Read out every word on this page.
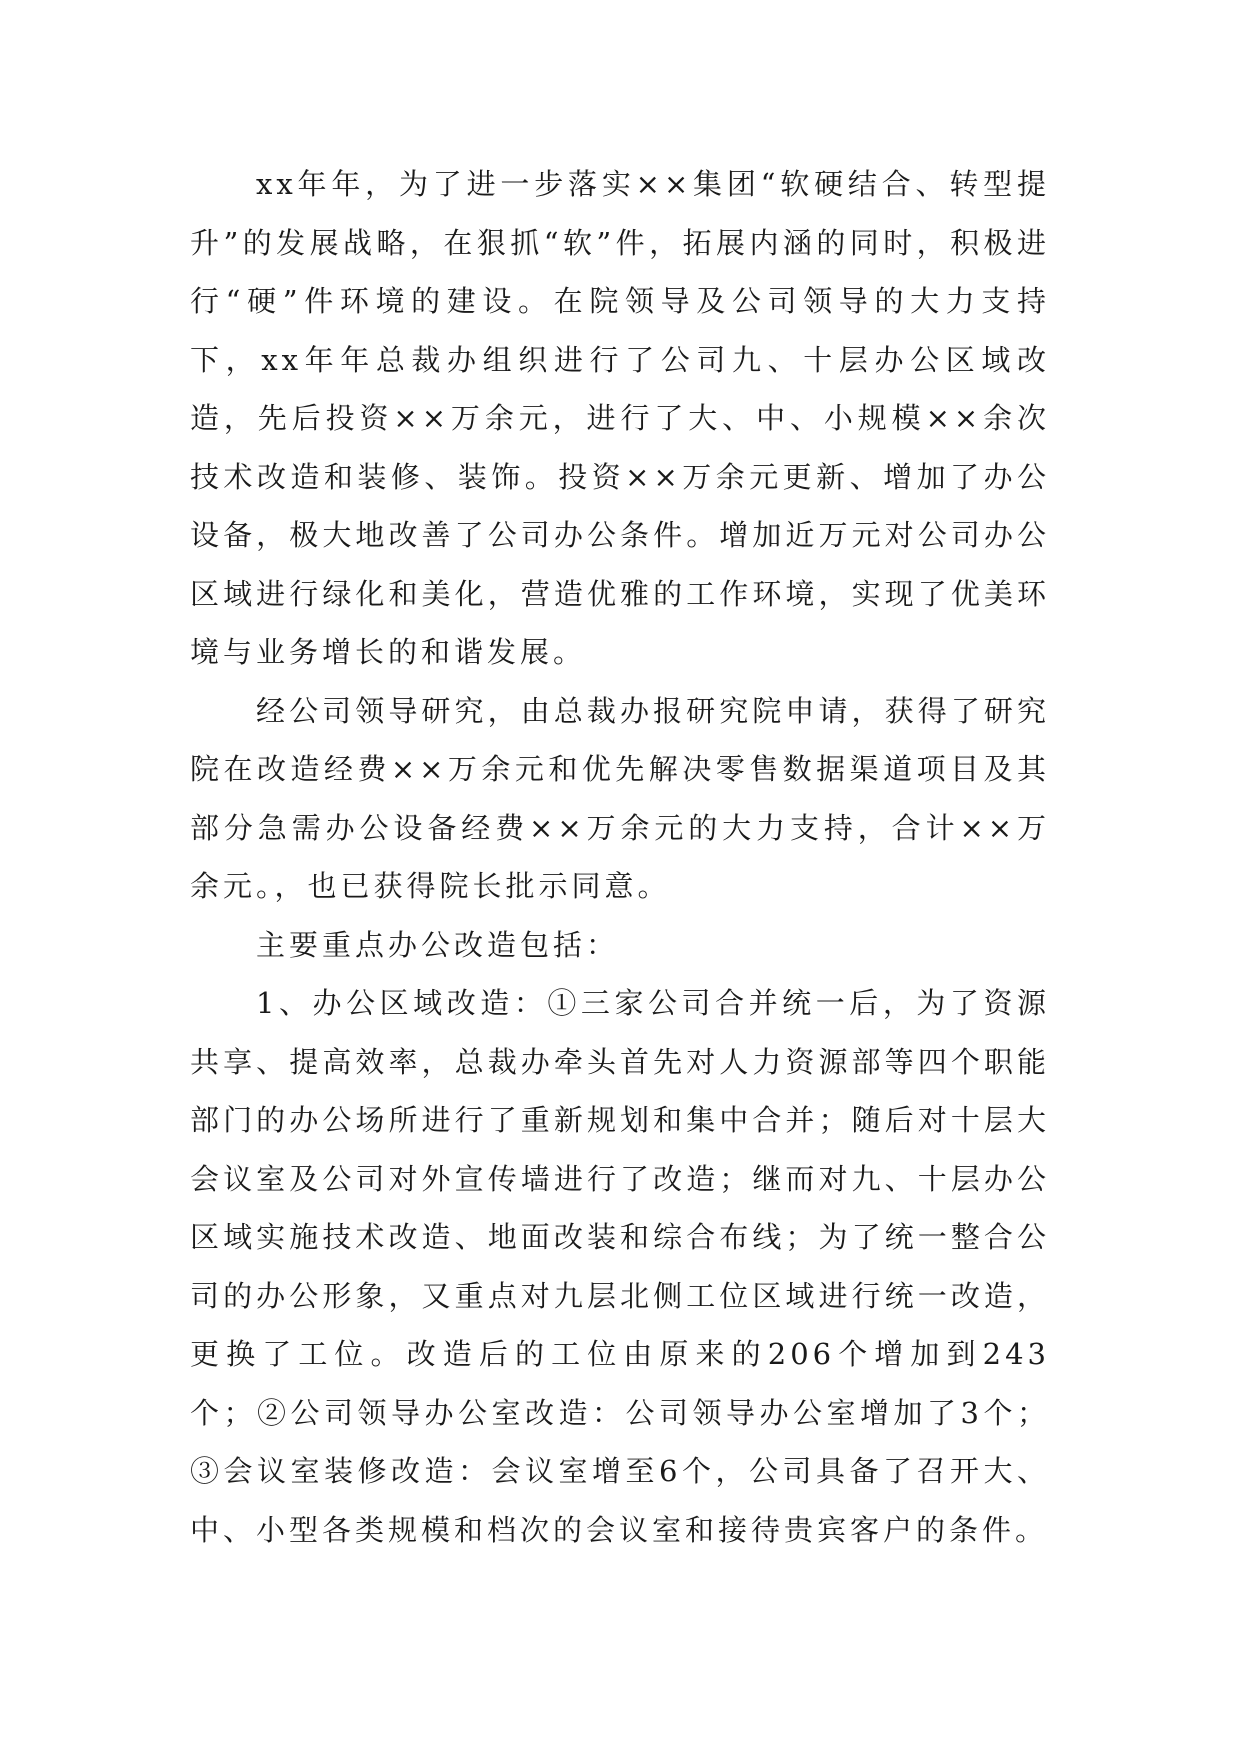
xx年年，为了进一步落实××集团“软硬结合、转型提升”的发展战略，在狠抓“软”件，拓展内涵的同时，积极进行“硬”件环境的建设。在院领导及公司领导的大力支持下，xx年年总裁办组织进行了公司九、十层办公区域改造，先后投资××万余元，进行了大、中、小规模××余次技术改造和装修、装饰。投资××万余元更新、增加了办公设备，极大地改善了公司办公条件。增加近万元对公司办公区域进行绿化和美化，营造优雅的工作环境，实现了优美环境与业务增长的和谐发展。

经公司领导研究，由总裁办报研究院申请，获得了研究院在改造经费××万余元和优先解决零售数据渠道项目及其部分急需办公设备经费××万余元的大力支持，合计××万余元。，也已获得院长批示同意。

主要重点办公改造包括：

1、办公区域改造：①三家公司合并统一后，为了资源共享、提高效率，总裁办牵头首先对人力资源部等四个职能部门的办公场所进行了重新规划和集中合并；随后对十层大会议室及公司对外宣传墙进行了改造；继而对九、十层办公区域实施技术改造、地面改装和综合布线；为了统一整合公司的办公形象，又重点对九层北侧工位区域进行统一改造，更换了工位。改造后的工位由原来的206个增加到243个；②公司领导办公室改造：公司领导办公室增加了3个；③会议室装修改造：会议室增至6个，公司具备了召开大、中、小型各类规模和档次的会议室和接待贵宾客户的条件。
